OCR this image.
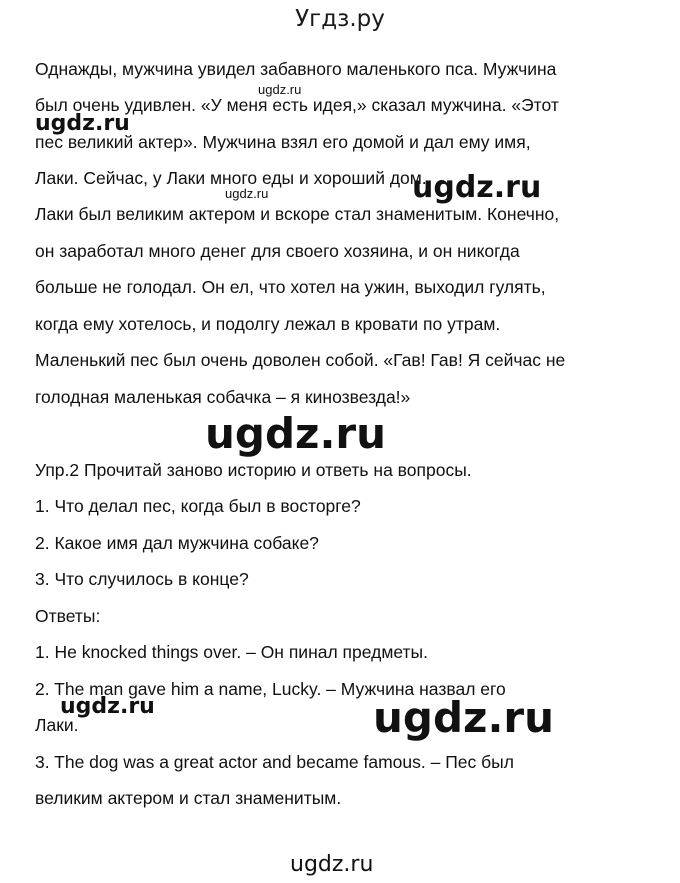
Угдз.ру
Однажды, мужчина увидел забавного маленького пса. Мужчина
был очень удивлен. «У меня есть идея,» сказал мужчина. «Этот
пес великий актер». Мужчина взял его домой и дал ему имя,
Лаки. Сейчас, у Лаки много еды и хороший дом.
Лаки был великим актером и вскоре стал знаменитым. Конечно,
он заработал много денег для своего хозяина, и он никогда
больше не голодал. Он ел, что хотел на ужин, выходил гулять,
когда ему хотелось, и подолгу лежал в кровати по утрам.
Маленький пес был очень доволен собой. «Гав! Гав! Я сейчас не
голодная маленькая собачка – я кинозвезда!»
Упр.2 Прочитай заново историю и ответь на вопросы.
1. Что делал пес, когда был в восторге?
2. Какое имя дал мужчина собаке?
3. Что случилось в конце?
Ответы:
1. He knocked things over. – Он пинал предметы.
2. The man gave him a name, Lucky. – Мужчина назвал его
Лаки.
3. The dog was a great actor and became famous. – Пес был
великим актером и стал знаменитым.
ugdz.ru
ugdz.ru
ugdz.ru	ugdz.ru
ugdz.ru
ugdz.ru	ugdz.ru
ugdz.ru
